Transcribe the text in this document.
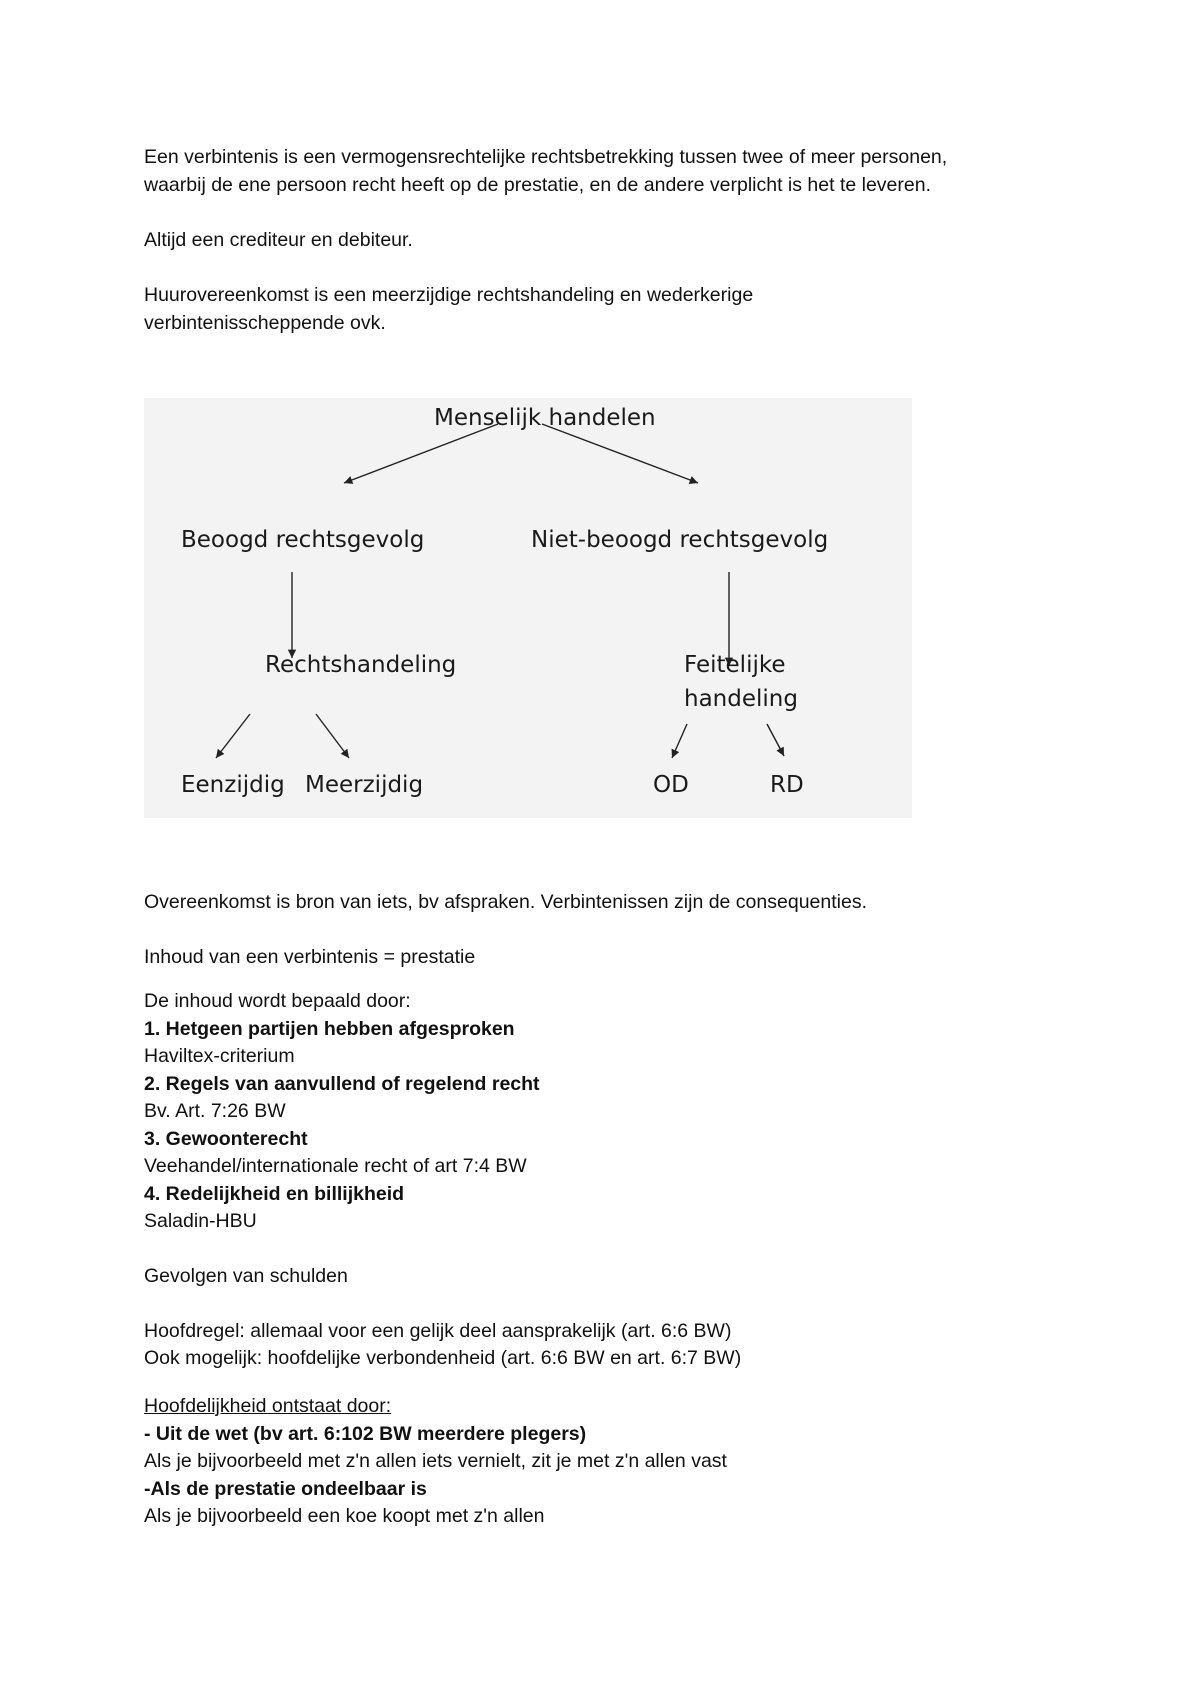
Een verbintenis is een vermogensrechtelijke rechtsbetrekking tussen twee of meer personen,
waarbij de ene persoon recht heeft op de prestatie, en de andere verplicht is het te leveren.
Altijd een crediteur en debiteur.
Huurovereenkomst is een meerzijdige rechtshandeling en wederkerige
verbintenisscheppende ovk.
Menselijk handelen
Beoogd rechtsgevolg	Niet-beoogd rechtsgevolg
Rechtshandeling	Feitelijke
handeling
Eenzijdig Meerzijdig	OD	RD
Overeenkomst is bron van iets, bv afspraken. Verbintenissen zijn de consequenties.
Inhoud van een verbintenis = prestatie
De inhoud wordt bepaald door:
1. Hetgeen partijen hebben afgesproken
Haviltex-criterium
2. Regels van aanvullend of regelend recht
Bv. Art. 7:26 BW
3. Gewoonterecht
Veehandel/internationale recht of art 7:4 BW
4. Redelijkheid en billijkheid
Saladin-HBU
Gevolgen van schulden
Hoofdregel: allemaal voor een gelijk deel aansprakelijk (art. 6:6 BW)
Ook mogelijk: hoofdelijke verbondenheid (art. 6:6 BW en art. 6:7 BW)
Hoofdelijkheid ontstaat door:
- Uit de wet (bv art. 6:102 BW meerdere plegers)
Als je bijvoorbeeld met z'n allen iets vernielt, zit je met z'n allen vast
-Als de prestatie ondeelbaar is
Als je bijvoorbeeld een koe koopt met z'n allen
